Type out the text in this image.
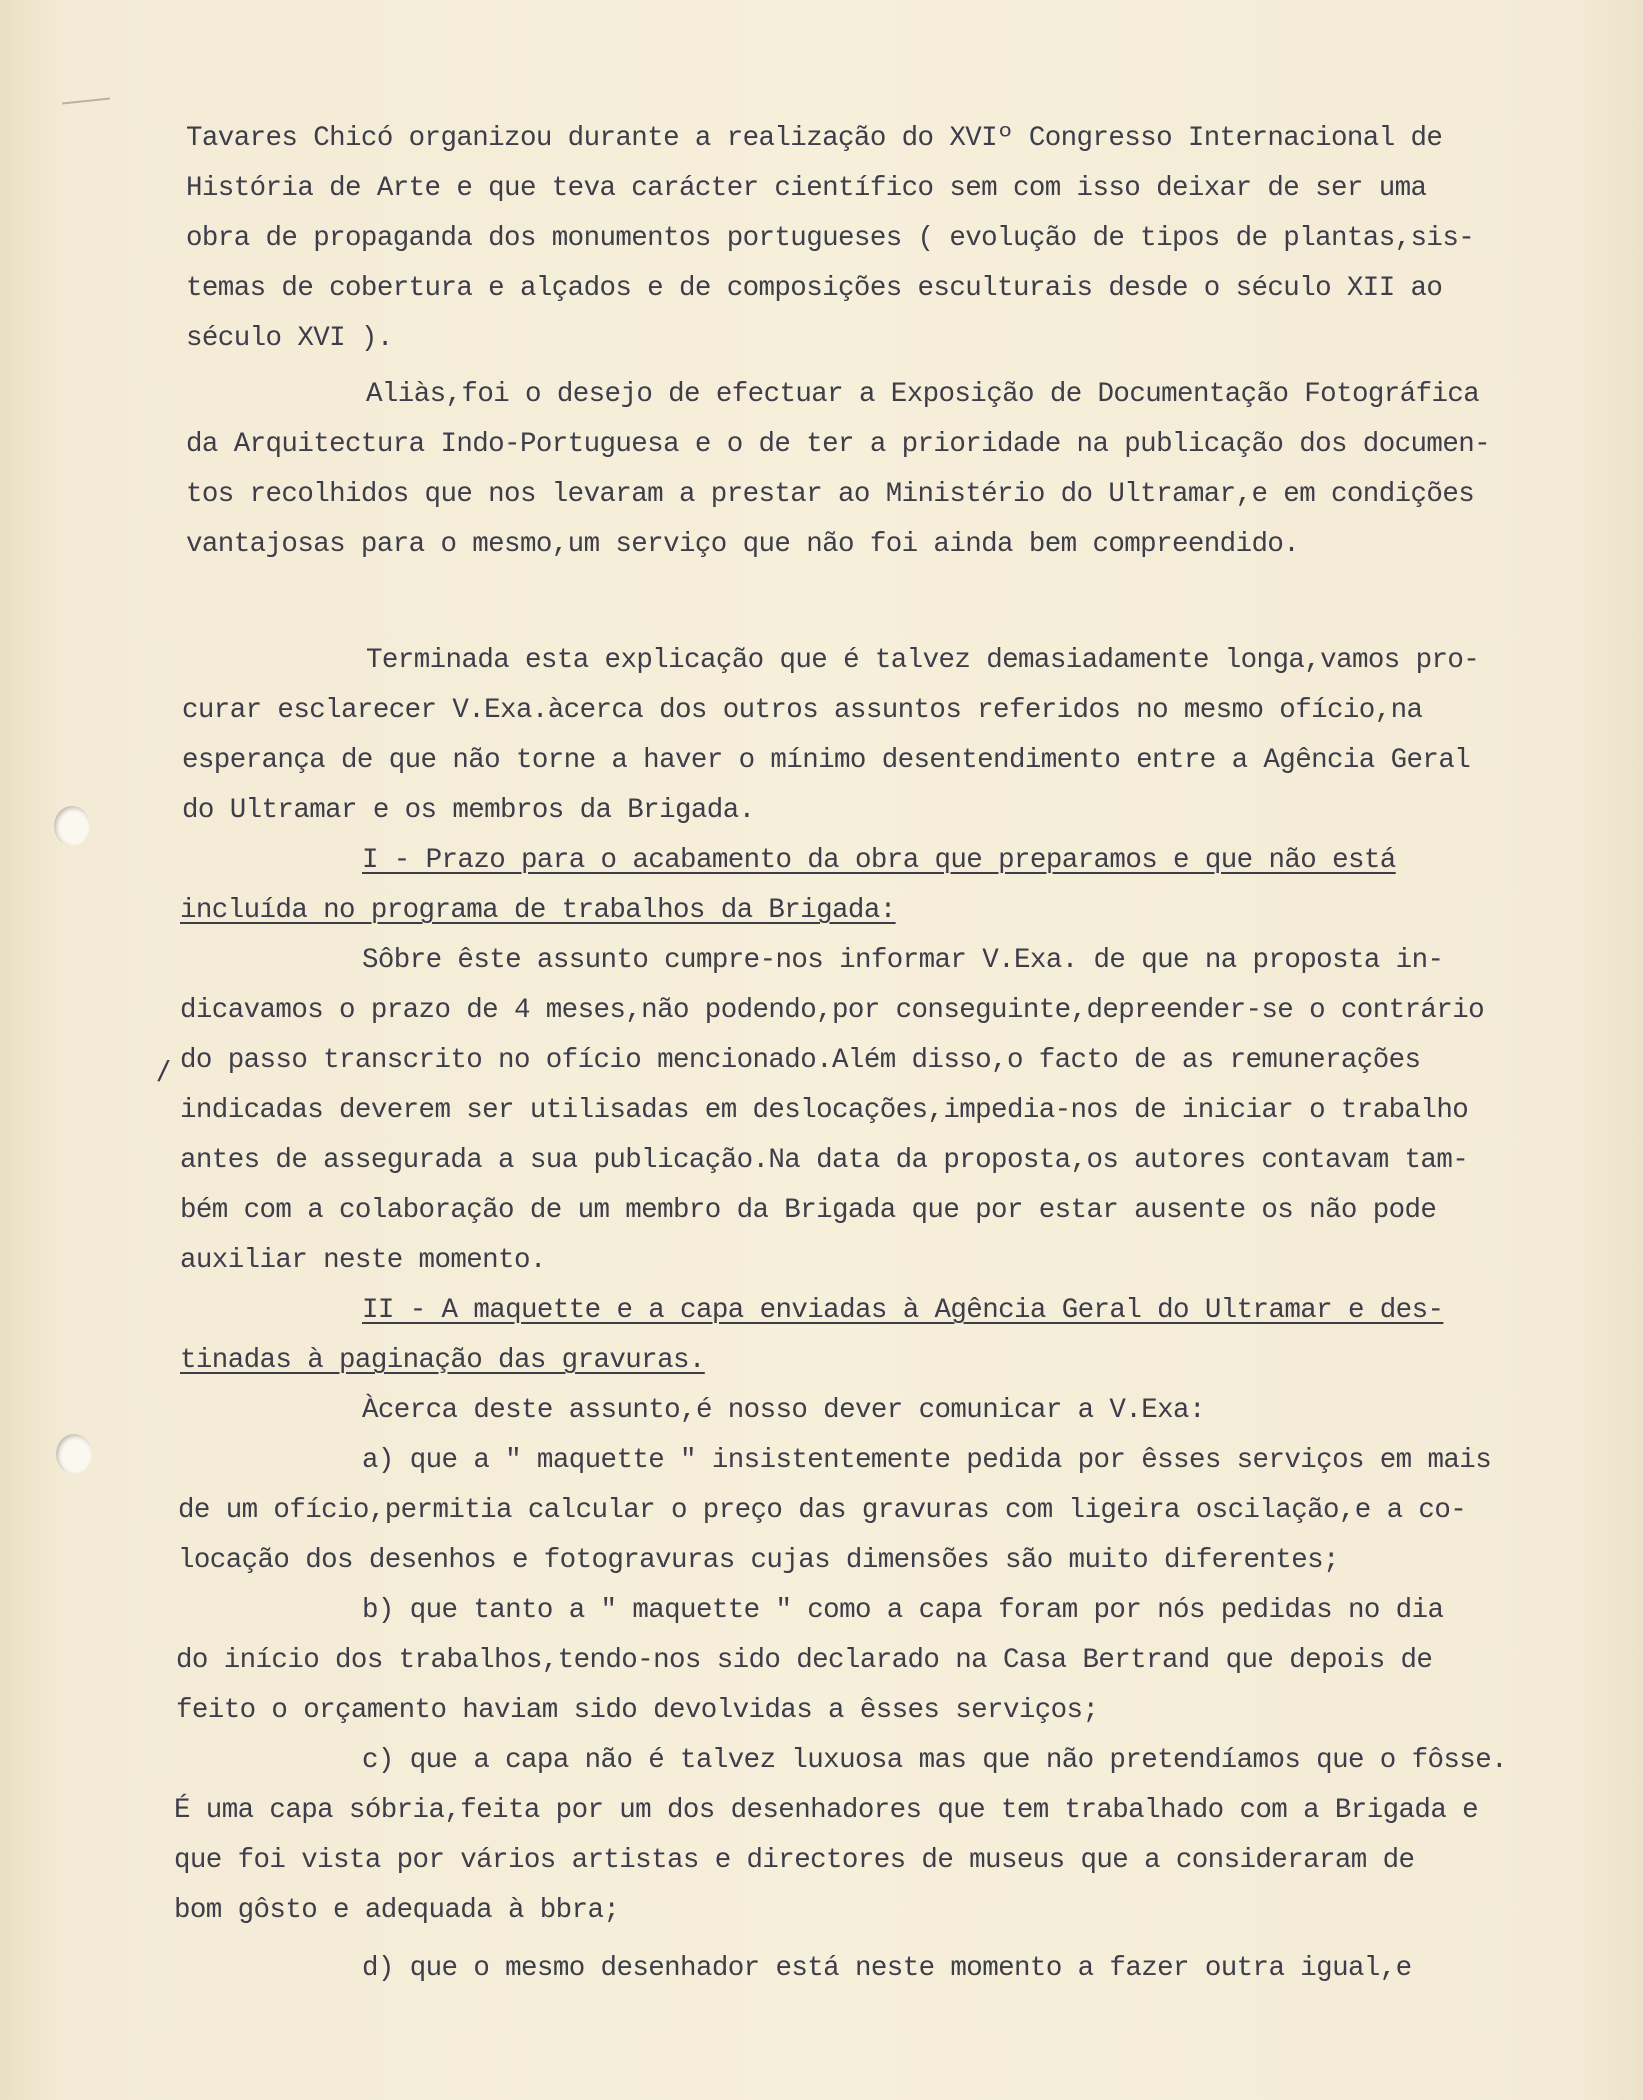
/

Tavares Chicó organizou durante a realização do XVIº Congresso Internacional de

História de Arte e que teva carácter científico sem com isso deixar de ser uma

obra de propaganda dos monumentos portugueses ( evolução de tipos de plantas,sis-

temas de cobertura e alçados e de composições esculturais desde o século XII ao

século XVI ).

Aliàs,foi o desejo de efectuar a Exposição de Documentação Fotográfica

da Arquitectura Indo-Portuguesa e o de ter a prioridade na publicação dos documen-

tos recolhidos que nos levaram a prestar ao Ministério do Ultramar,e em condições

vantajosas para o mesmo,um serviço que não foi ainda bem compreendido.

Terminada esta explicação que é talvez demasiadamente longa,vamos pro-

curar esclarecer V.Exa.àcerca dos outros assuntos referidos no mesmo ofício,na

esperança de que não torne a haver o mínimo desentendimento entre a Agência Geral

do Ultramar e os membros da Brigada.

I - Prazo para o acabamento da obra que preparamos e que não está

incluída no programa de trabalhos da Brigada:

Sôbre êste assunto cumpre-nos informar V.Exa. de que na proposta in-

dicavamos o prazo de 4 meses,não podendo,por conseguinte,depreender-se o contrário

do passo transcrito no ofício mencionado.Além disso,o facto de as remunerações

indicadas deverem ser utilisadas em deslocações,impedia-nos de iniciar o trabalho

antes de assegurada a sua publicação.Na data da proposta,os autores contavam tam-

bém com a colaboração de um membro da Brigada que por estar ausente os não pode

auxiliar neste momento.

II - A maquette e a capa enviadas à Agência Geral do Ultramar e des-

tinadas à paginação das gravuras.

Àcerca deste assunto,é nosso dever comunicar a V.Exa:

a) que a " maquette " insistentemente pedida por êsses serviços em mais

de um ofício,permitia calcular o preço das gravuras com ligeira oscilação,e a co-

locação dos desenhos e fotogravuras cujas dimensões são muito diferentes;

b) que tanto a " maquette " como a capa foram por nós pedidas no dia

do início dos trabalhos,tendo-nos sido declarado na Casa Bertrand que depois de

feito o orçamento haviam sido devolvidas a êsses serviços;

c) que a capa não é talvez luxuosa mas que não pretendíamos que o fôsse.

É uma capa sóbria,feita por um dos desenhadores que tem trabalhado com a Brigada e

que foi vista por vários artistas e directores de museus que a consideraram de

bom gôsto e adequada à bbra;

d) que o mesmo desenhador está neste momento a fazer outra igual,e
